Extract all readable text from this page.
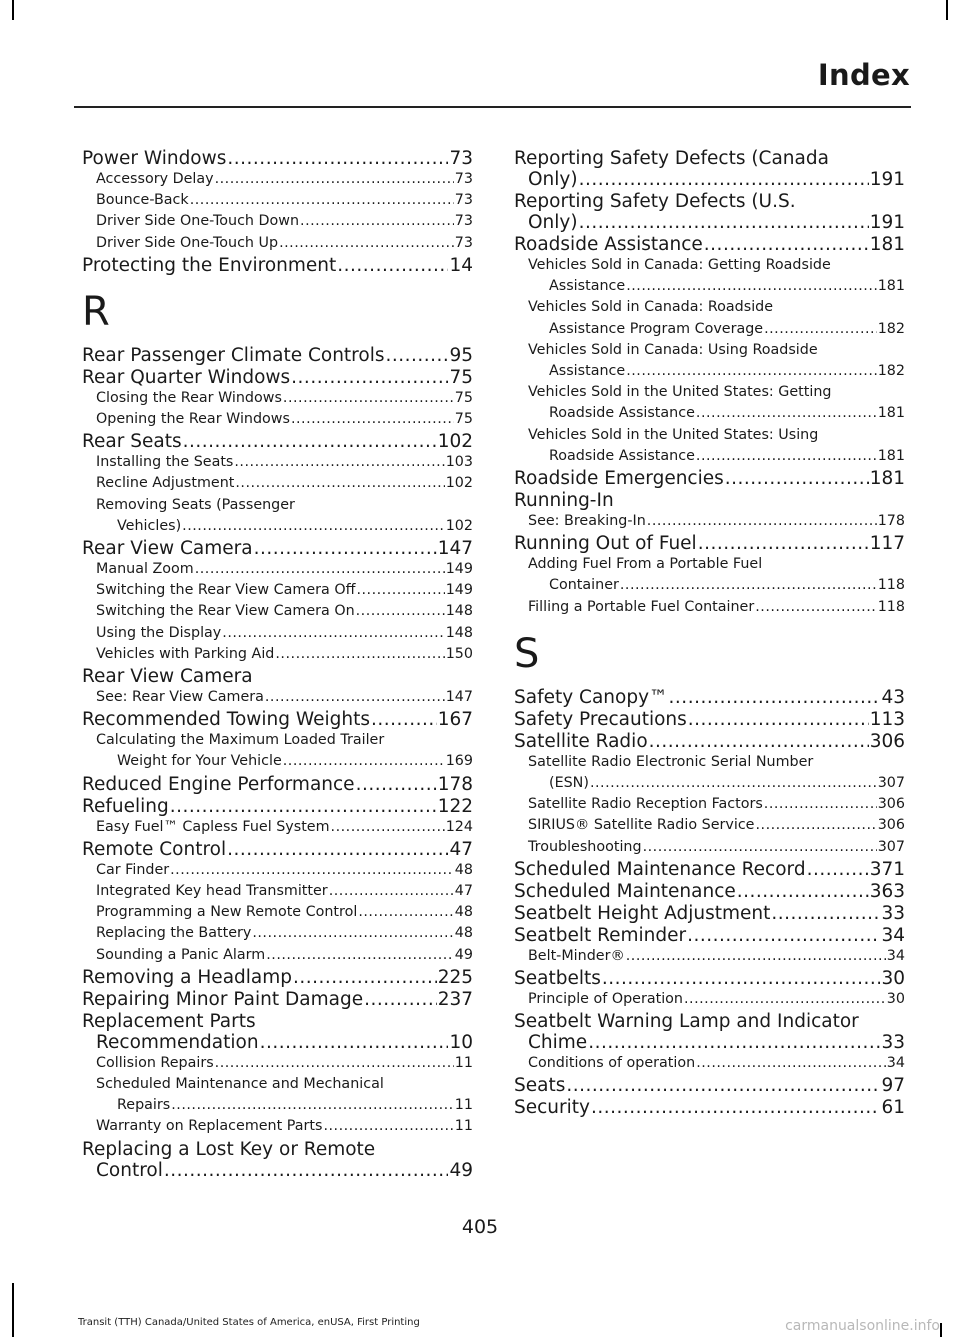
Index
Power Windows .....	73
Accessory Delay .....	73
Bounce-Back .....	73
Driver Side One-Touch Down .....	73
Driver Side One-Touch Up .....	73
Protecting the Environment .....	14
R
Rear Passenger Climate Controls .....	95
Rear Quarter Windows .....	75
Closing the Rear Windows .....	75
Opening the Rear Windows .....	75
Rear Seats .....	102
Installing the Seats .....	103
Recline Adjustment .....	102
Removing Seats (Passenger
Vehicles) .....	102
Rear View Camera .....	147
Manual Zoom .....	149
Switching the Rear View Camera Off .....	149
Switching the Rear View Camera On .....	148
Using the Display .....	148
Vehicles with Parking Aid .....	150
Rear View Camera
See: Rear View Camera .....	147
Recommended Towing Weights .....	167
Calculating the Maximum Loaded Trailer
Weight for Your Vehicle .....	169
Reduced Engine Performance .....	178
Refueling .....	122
Easy Fuel™ Capless Fuel System .....	124
Remote Control .....	47
Car Finder .....	48
Integrated Key head Transmitter .....	47
Programming a New Remote Control .....	48
Replacing the Battery .....	48
Sounding a Panic Alarm .....	49
Removing a Headlamp .....	225
Repairing Minor Paint Damage .....	237
Replacement Parts
Recommendation .....	10
Collision Repairs .....	11
Scheduled Maintenance and Mechanical
Repairs .....	11
Warranty on Replacement Parts .....	11
Replacing a Lost Key or Remote
Control .....	49
Reporting Safety Defects (Canada
Only) .....	191
Reporting Safety Defects (U.S.
Only) .....	191
Roadside Assistance .....	181
Vehicles Sold in Canada: Getting Roadside
Assistance .....	181
Vehicles Sold in Canada: Roadside
Assistance Program Coverage .....	182
Vehicles Sold in Canada: Using Roadside
Assistance .....	182
Vehicles Sold in the United States: Getting
Roadside Assistance .....	181
Vehicles Sold in the United States: Using
Roadside Assistance .....	181
Roadside Emergencies .....	181
Running-In
See: Breaking-In .....	178
Running Out of Fuel .....	117
Adding Fuel From a Portable Fuel
Container .....	118
Filling a Portable Fuel Container .....	118
S
Safety Canopy™ .....	43
Safety Precautions .....	113
Satellite Radio .....	306
Satellite Radio Electronic Serial Number
(ESN) .....	307
Satellite Radio Reception Factors .....	306
SIRIUS® Satellite Radio Service .....	306
Troubleshooting .....	307
Scheduled Maintenance Record .....	371
Scheduled Maintenance .....	363
Seatbelt Height Adjustment .....	33
Seatbelt Reminder .....	34
Belt-Minder® .....	34
Seatbelts .....	30
Principle of Operation .....	30
Seatbelt Warning Lamp and Indicator
Chime .....	33
Conditions of operation .....	34
Seats .....	97
Security .....	61
405
Transit (TTH) Canada/United States of America, enUSA, First Printing	carmanualsonline.info
